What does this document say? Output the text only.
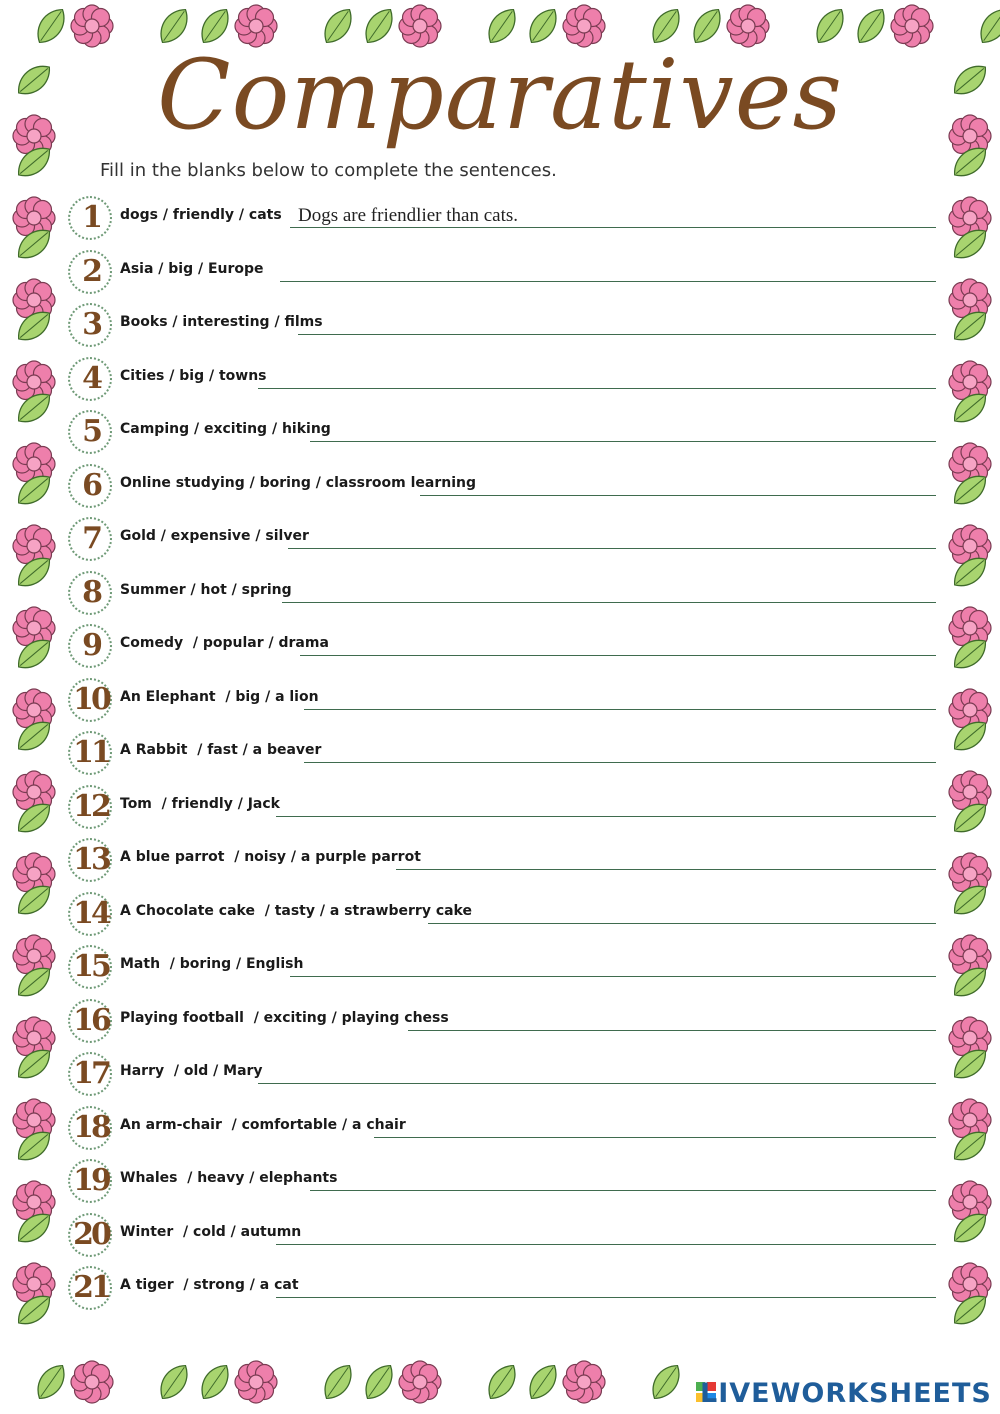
Comparatives
Fill in the blanks below to complete the sentences.
1	dogs / friendly / cats
Dogs are friendlier than cats.
2	Asia / big / Europe
3	Books / interesting / films
4	Cities / big / towns
5	Camping / exciting / hiking
6	Online studying / boring / classroom learning
7	Gold / expensive / silver
8	Summer / hot / spring
9	Comedy  / popular / drama
10 An Elephant  / big / a lion
11 A Rabbit  / fast / a beaver
12 Tom  / friendly / Jack
13 A blue parrot  / noisy / a purple parrot
14 A Chocolate cake  / tasty / a strawberry cake
15 Math  / boring / English
16 Playing football  / exciting / playing chess
17 Harry  / old / Mary
18 An arm-chair  / comfortable / a chair
19 Whales  / heavy / elephants
20 Winter  / cold / autumn
21 A tiger  / strong / a cat
LIVEWORKSHEETS
